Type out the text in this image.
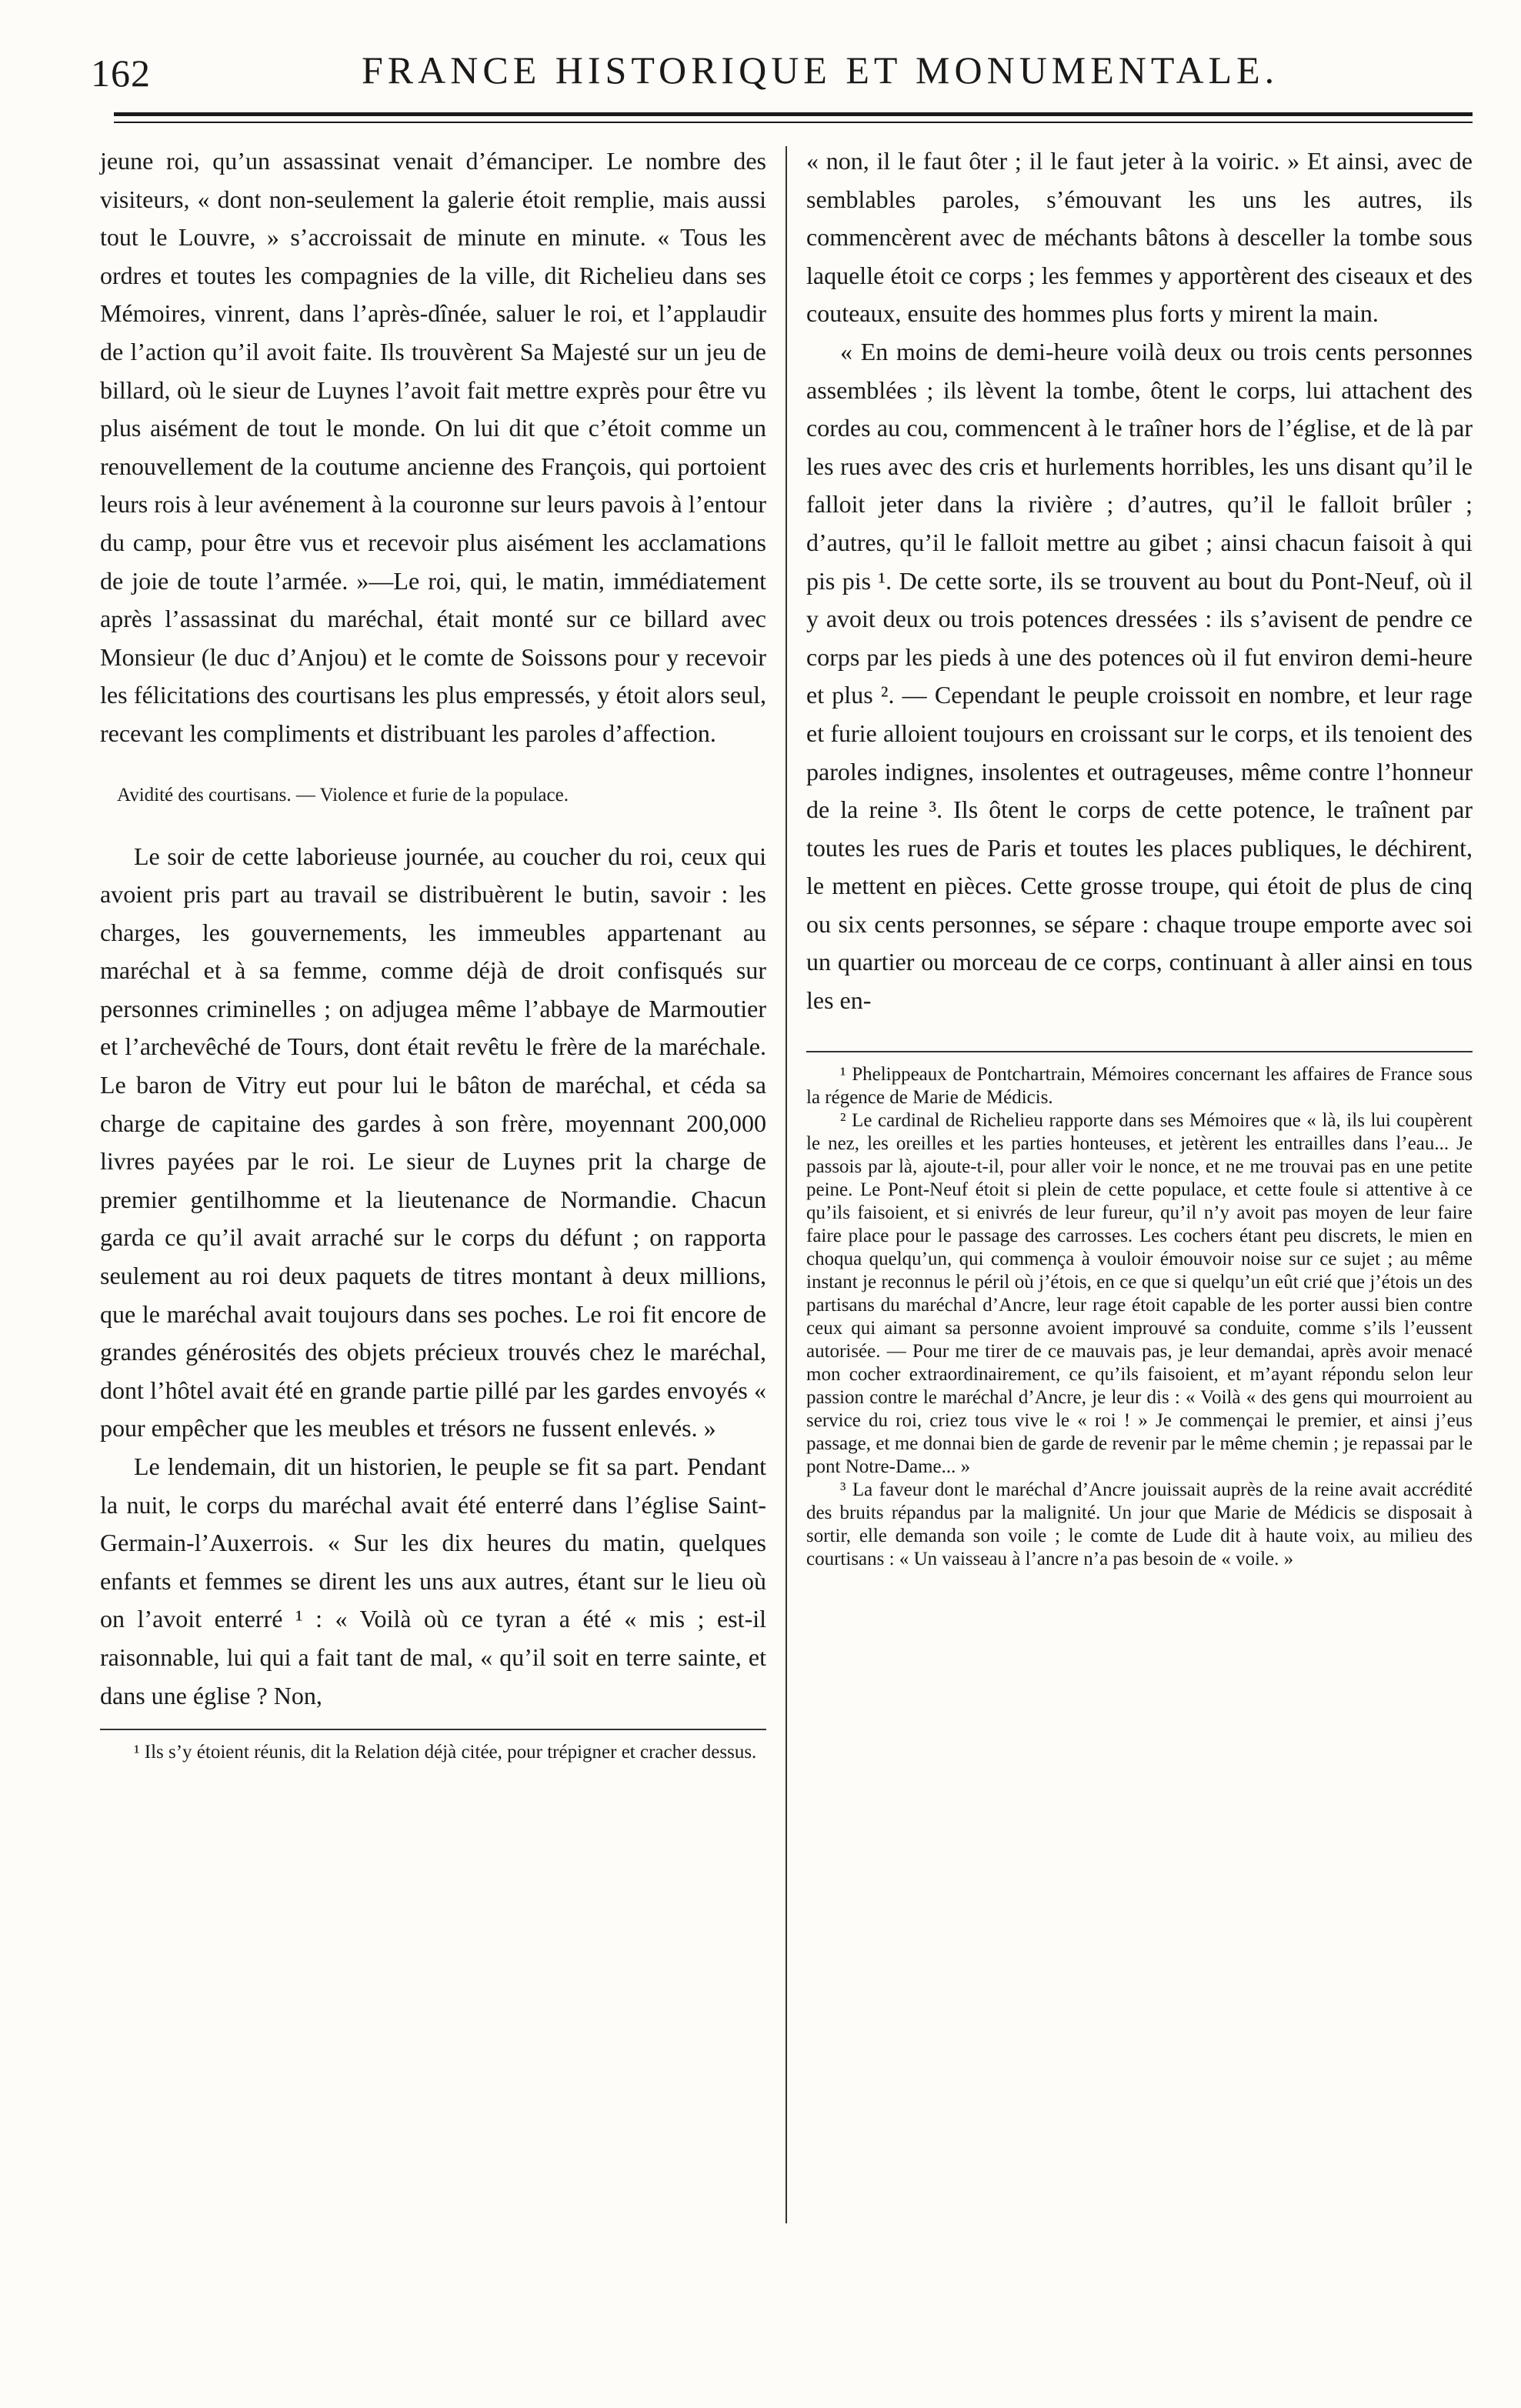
162	FRANCE HISTORIQUE ET MONUMENTALE.

jeune roi, qu’un assassinat venait d’émanciper. Le nombre des visiteurs, « dont non-seulement la galerie étoit remplie, mais aussi tout le Louvre, » s’accroissait de minute en minute. « Tous les ordres et toutes les compagnies de la ville, dit Richelieu dans ses Mémoires, vinrent, dans l’après-dînée, saluer le roi, et l’applaudir de l’action qu’il avoit faite. Ils trouvèrent Sa Majesté sur un jeu de billard, où le sieur de Luynes l’avoit fait mettre exprès pour être vu plus aisément de tout le monde. On lui dit que c’étoit comme un renouvellement de la coutume ancienne des François, qui portoient leurs rois à leur avénement à la couronne sur leurs pavois à l’entour du camp, pour être vus et recevoir plus aisément les acclamations de joie de toute l’armée. »—Le roi, qui, le matin, immédiatement après l’assassinat du maréchal, était monté sur ce billard avec Monsieur (le duc d’Anjou) et le comte de Soissons pour y recevoir les félicitations des courtisans les plus empressés, y étoit alors seul, recevant les compliments et distribuant les paroles d’affection.

Avidité des courtisans. — Violence et furie de la populace.

Le soir de cette laborieuse journée, au coucher du roi, ceux qui avoient pris part au travail se distribuèrent le butin, savoir : les charges, les gouvernements, les immeubles appartenant au maréchal et à sa femme, comme déjà de droit confisqués sur personnes criminelles ; on adjugea même l’abbaye de Marmoutier et l’archevêché de Tours, dont était revêtu le frère de la maréchale. Le baron de Vitry eut pour lui le bâton de maréchal, et céda sa charge de capitaine des gardes à son frère, moyennant 200,000 livres payées par le roi. Le sieur de Luynes prit la charge de premier gentilhomme et la lieutenance de Normandie. Chacun garda ce qu’il avait arraché sur le corps du défunt ; on rapporta seulement au roi deux paquets de titres montant à deux millions, que le maréchal avait toujours dans ses poches. Le roi fit encore de grandes générosités des objets précieux trouvés chez le maréchal, dont l’hôtel avait été en grande partie pillé par les gardes envoyés « pour empêcher que les meubles et trésors ne fussent enlevés. »

Le lendemain, dit un historien, le peuple se fit sa part. Pendant la nuit, le corps du maréchal avait été enterré dans l’église Saint-Germain-l’Auxerrois. « Sur les dix heures du matin, quelques enfants et femmes se dirent les uns aux autres, étant sur le lieu où on l’avoit enterré ¹ : « Voilà où ce tyran a été « mis ; est-il raisonnable, lui qui a fait tant de mal, « qu’il soit en terre sainte, et dans une église ? Non,

¹ Ils s’y étoient réunis, dit la Relation déjà citée, pour trépigner et cracher dessus.

« non, il le faut ôter ; il le faut jeter à la voiric. » Et ainsi, avec de semblables paroles, s’émouvant les uns les autres, ils commencèrent avec de méchants bâtons à desceller la tombe sous laquelle étoit ce corps ; les femmes y apportèrent des ciseaux et des couteaux, ensuite des hommes plus forts y mirent la main.

« En moins de demi-heure voilà deux ou trois cents personnes assemblées ; ils lèvent la tombe, ôtent le corps, lui attachent des cordes au cou, commencent à le traîner hors de l’église, et de là par les rues avec des cris et hurlements horribles, les uns disant qu’il le falloit jeter dans la rivière ; d’autres, qu’il le falloit brûler ; d’autres, qu’il le falloit mettre au gibet ; ainsi chacun faisoit à qui pis pis ¹. De cette sorte, ils se trouvent au bout du Pont-Neuf, où il y avoit deux ou trois potences dressées : ils s’avisent de pendre ce corps par les pieds à une des potences où il fut environ demi-heure et plus ². — Cependant le peuple croissoit en nombre, et leur rage et furie alloient toujours en croissant sur le corps, et ils tenoient des paroles indignes, insolentes et outrageuses, même contre l’honneur de la reine ³. Ils ôtent le corps de cette potence, le traînent par toutes les rues de Paris et toutes les places publiques, le déchirent, le mettent en pièces. Cette grosse troupe, qui étoit de plus de cinq ou six cents personnes, se sépare : chaque troupe emporte avec soi un quartier ou morceau de ce corps, continuant à aller ainsi en tous les en-

¹ Phelippeaux de Pontchartrain, Mémoires concernant les affaires de France sous la régence de Marie de Médicis.

² Le cardinal de Richelieu rapporte dans ses Mémoires que « là, ils lui coupèrent le nez, les oreilles et les parties honteuses, et jetèrent les entrailles dans l’eau... Je passois par là, ajoute-t-il, pour aller voir le nonce, et ne me trouvai pas en une petite peine. Le Pont-Neuf étoit si plein de cette populace, et cette foule si attentive à ce qu’ils faisoient, et si enivrés de leur fureur, qu’il n’y avoit pas moyen de leur faire faire place pour le passage des carrosses. Les cochers étant peu discrets, le mien en choqua quelqu’un, qui commença à vouloir émouvoir noise sur ce sujet ; au même instant je reconnus le péril où j’étois, en ce que si quelqu’un eût crié que j’étois un des partisans du maréchal d’Ancre, leur rage étoit capable de les porter aussi bien contre ceux qui aimant sa personne avoient improuvé sa conduite, comme s’ils l’eussent autorisée. — Pour me tirer de ce mauvais pas, je leur demandai, après avoir menacé mon cocher extraordinairement, ce qu’ils faisoient, et m’ayant répondu selon leur passion contre le maréchal d’Ancre, je leur dis : « Voilà « des gens qui mourroient au service du roi, criez tous vive le « roi ! » Je commençai le premier, et ainsi j’eus passage, et me donnai bien de garde de revenir par le même chemin ; je repassai par le pont Notre-Dame... »

³ La faveur dont le maréchal d’Ancre jouissait auprès de la reine avait accrédité des bruits répandus par la malignité. Un jour que Marie de Médicis se disposait à sortir, elle demanda son voile ; le comte de Lude dit à haute voix, au milieu des courtisans : « Un vaisseau à l’ancre n’a pas besoin de « voile. »
